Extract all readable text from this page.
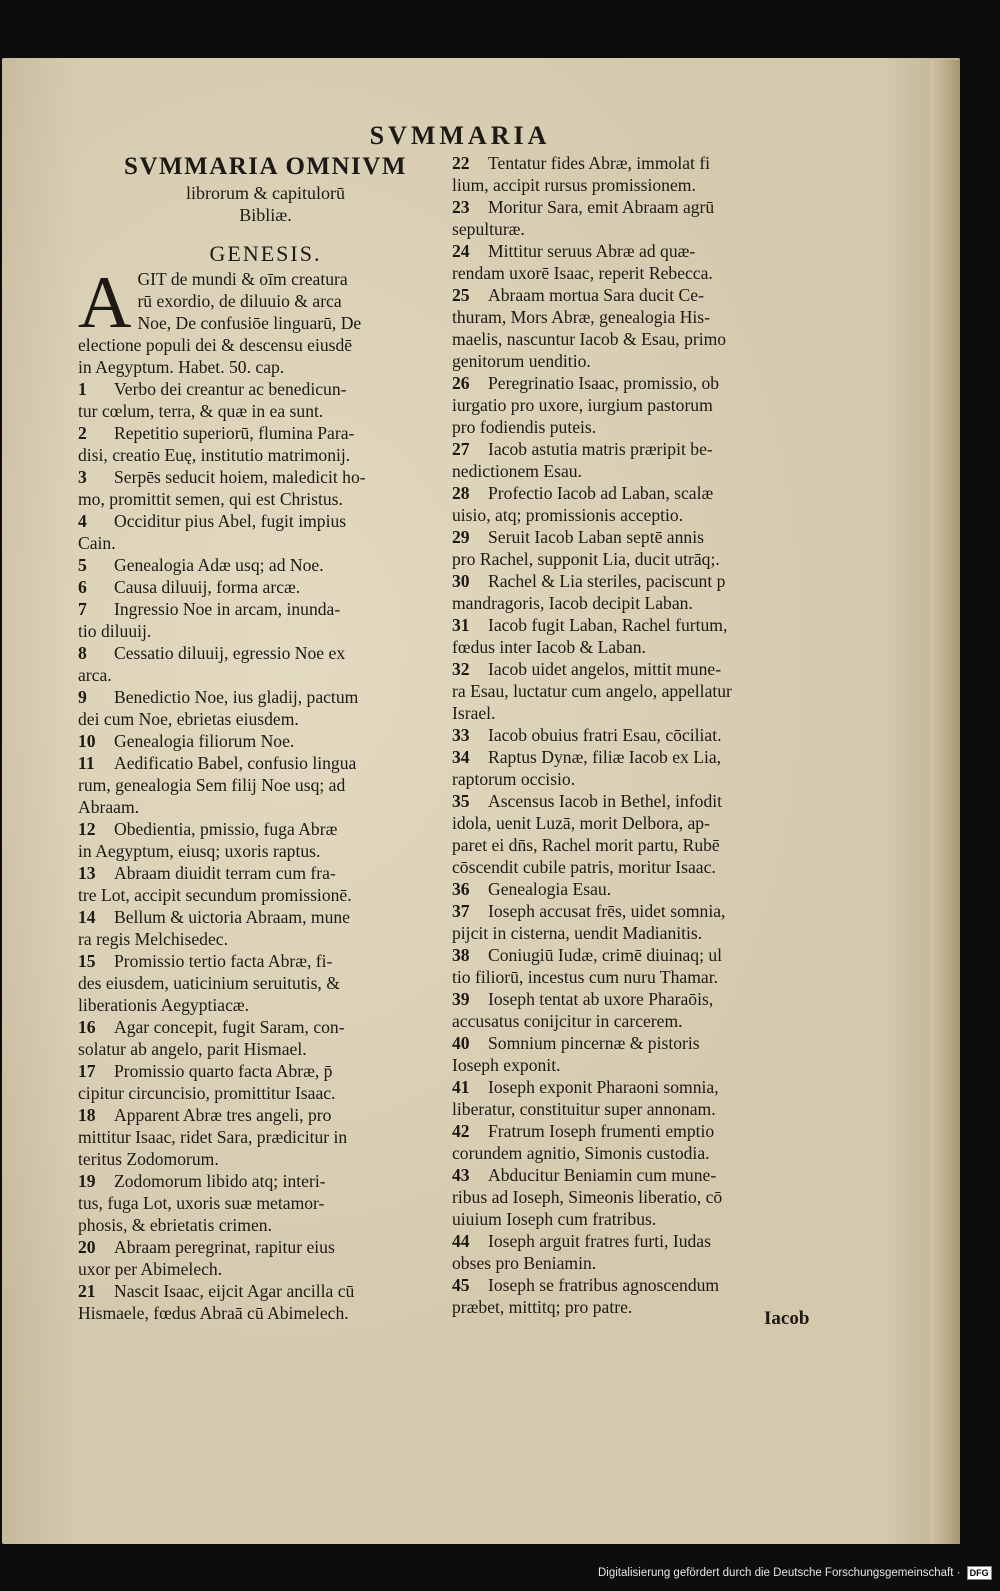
SVMMARIA
SVMMARIA OMNIVM
librorum & capitulorū
Bibliæ.
GENESIS.
A GIT de mundi & oīm creatura
rū exordio, de diluuio & arca
Noe, De confusiōe linguarū, De
electione populi dei & descensu eiusdē
in Aegyptum. Habet. 50. cap.
1 Verbo dei creantur ac benedicun-
tur cœlum, terra, & quæ in ea sunt.
2 Repetitio superiorū, flumina Para-
disi, creatio Euę, institutio matrimonij.
3 Serpēs seducit hoiem, maledicit ho-
mo, promittit semen, qui est Christus.
4 Occiditur pius Abel, fugit impius
Cain.
5 Genealogia Adæ usq; ad Noe.
6 Causa diluuij, forma arcæ.
7 Ingressio Noe in arcam, inunda-
tio diluuij.
8 Cessatio diluuij, egressio Noe ex
arca.
9 Benedictio Noe, ius gladij, pactum
dei cum Noe, ebrietas eiusdem.
10 Genealogia filiorum Noe.
11 Aedificatio Babel, confusio lingua
rum, genealogia Sem filij Noe usq; ad
Abraam.
12 Obedientia, pmissio, fuga Abræ
in Aegyptum, eiusq; uxoris raptus.
13 Abraam diuidit terram cum fra-
tre Lot, accipit secundum promissionē.
14 Bellum & uictoria Abraam, mune
ra regis Melchisedec.
15 Promissio tertio facta Abræ, fi-
des eiusdem, uaticinium seruitutis, &
liberationis Aegyptiacæ.
16 Agar concepit, fugit Saram, con-
solatur ab angelo, parit Hismael.
17 Promissio quarto facta Abræ, p̄
cipitur circuncisio, promittitur Isaac.
18 Apparent Abræ tres angeli, pro
mittitur Isaac, ridet Sara, prædicitur in
teritus Zodomorum.
19 Zodomorum libido atq; interi-
tus, fuga Lot, uxoris suæ metamor-
phosis, & ebrietatis crimen.
20 Abraam peregrinat, rapitur eius
uxor per Abimelech.
21 Nascit Isaac, eijcit Agar ancilla cū
Hismaele, fœdus Abraā cū Abimelech.
22 Tentatur fides Abræ, immolat fi
lium, accipit rursus promissionem.
23 Moritur Sara, emit Abraam agrū
sepulturæ.
24 Mittitur seruus Abræ ad quæ-
rendam uxorē Isaac, reperit Rebecca.
25 Abraam mortua Sara ducit Ce-
thuram, Mors Abræ, genealogia His-
maelis, nascuntur Iacob & Esau, primo
genitorum uenditio.
26 Peregrinatio Isaac, promissio, ob
iurgatio pro uxore, iurgium pastorum
pro fodiendis puteis.
27 Iacob astutia matris præripit be-
nedictionem Esau.
28 Profectio Iacob ad Laban, scalæ
uisio, atq; promissionis acceptio.
29 Seruit Iacob Laban septē annis
pro Rachel, supponit Lia, ducit utrāq;.
30 Rachel & Lia steriles, paciscunt p
mandragoris, Iacob decipit Laban.
31 Iacob fugit Laban, Rachel furtum,
fœdus inter Iacob & Laban.
32 Iacob uidet angelos, mittit mune-
ra Esau, luctatur cum angelo, appellatur
Israel.
33 Iacob obuius fratri Esau, cōciliat.
34 Raptus Dynæ, filiæ Iacob ex Lia,
raptorum occisio.
35 Ascensus Iacob in Bethel, infodit
idola, uenit Luzā, morit Delbora, ap-
paret ei dn̄s, Rachel morit partu, Rubē
cōscendit cubile patris, moritur Isaac.
36 Genealogia Esau.
37 Ioseph accusat frēs, uidet somnia,
pijcit in cisterna, uendit Madianitis.
38 Coniugiū Iudæ, crimē diuinaq; ul
tio filiorū, incestus cum nuru Thamar.
39 Ioseph tentat ab uxore Pharaōis,
accusatus conijcitur in carcerem.
40 Somnium pincernæ & pistoris
Ioseph exponit.
41 Ioseph exponit Pharaoni somnia,
liberatur, constituitur super annonam.
42 Fratrum Ioseph frumenti emptio
corundem agnitio, Simonis custodia.
43 Abducitur Beniamin cum mune-
ribus ad Ioseph, Simeonis liberatio, cō
uiuium Ioseph cum fratribus.
44 Ioseph arguit fratres furti, Iudas
obses pro Beniamin.
45 Ioseph se fratribus agnoscendum
præbet, mittitq; pro patre.
Iacob
Digitalisierung gefördert durch die Deutsche Forschungsgemeinschaft · DFG
